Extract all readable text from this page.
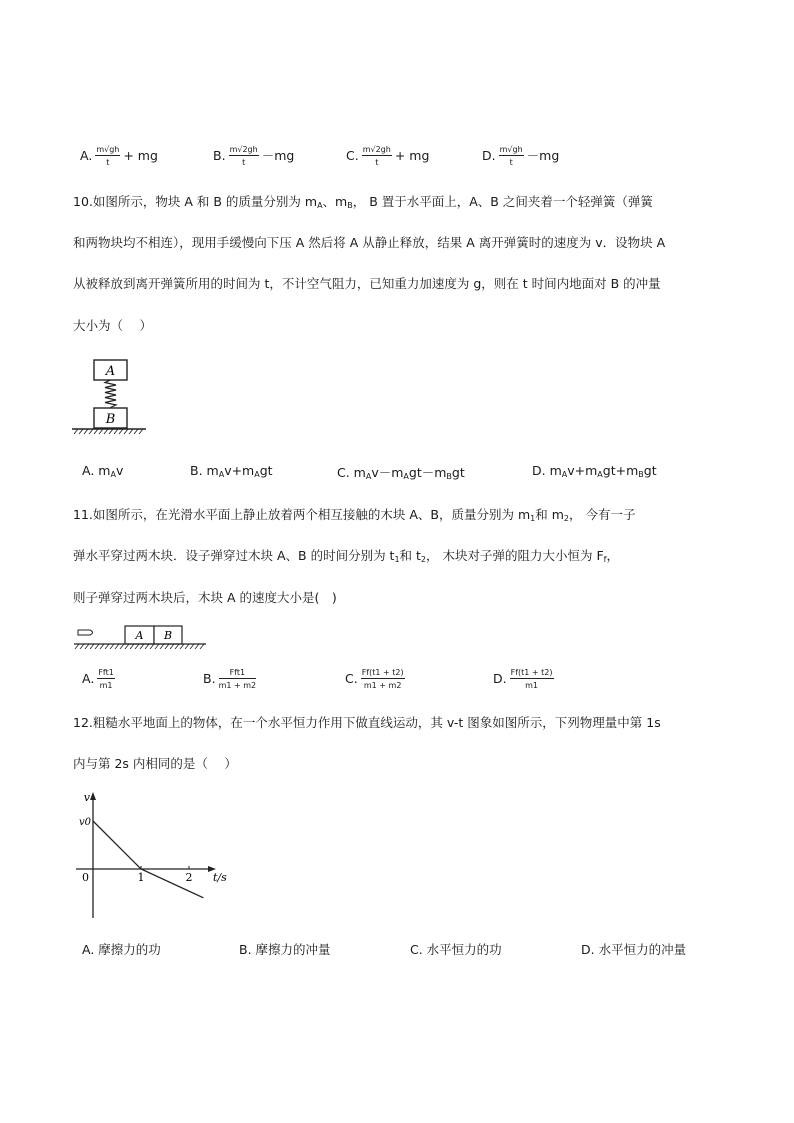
A. $\frac{m√gh}{t}$ + mg	B. $\frac{m√2gh}{t} -mg$	C. $\frac{m√2gh}{t}$ + mg	D. $\frac{m√gh}{t} -mg$
10.如图所示，物块 A 和 B 的质量分别为 $m_A$、$m_B$， B 置于水平面上，A、B 之间夹着一个轻弹簧（弹簧
和两物块均不相连），现用手缓慢向下压 A 然后将 A 从静止释放，结果 A 离开弹簧时的速度为 v．设物块 A
从被释放到离开弹簧所用的时间为 t，不计空气阻力，已知重力加速度为 g，则在 t 时间内地面对 B 的冲量
大小为（　 ）
A
B
A. $m_Av$	B. $m_Av+m_Agt$	C. $m_Av-m_Agt-m_Bgt$	D. $m_Av+m_Agt+m_Bgt$
11.如图所示，在光滑水平面上静止放着两个相互接触的木块 A、B，质量分别为 $m_1$和 $m_2$， 今有一子
弹水平穿过两木块．设子弹穿过木块 A、B 的时间分别为 $t_1$和 $t_2$， 木块对子弹的阻力大小恒为 $F_f$，
则子弹穿过两木块后，木块 A 的速度大小是(　)
A B
A. $\frac{\text{Fft1}}{m1}$	B. $\frac{\text{Fft1}}{m1 + m2}$	C. $\frac{Ff(t1 + t2)}{m1 + m2}$	D. $\frac{Ff(t1 + t2)}{m1}$
12.粗糙水平地面上的物体，在一个水平恒力作用下做直线运动，其 v-t 图象如图所示，下列物理量中第 1s
内与第 2s 内相同的是（　 ）
v
t/s
v0
0	1	2
A. 摩擦力的功	B. 摩擦力的冲量	C. 水平恒力的功	D. 水平恒力的冲量
